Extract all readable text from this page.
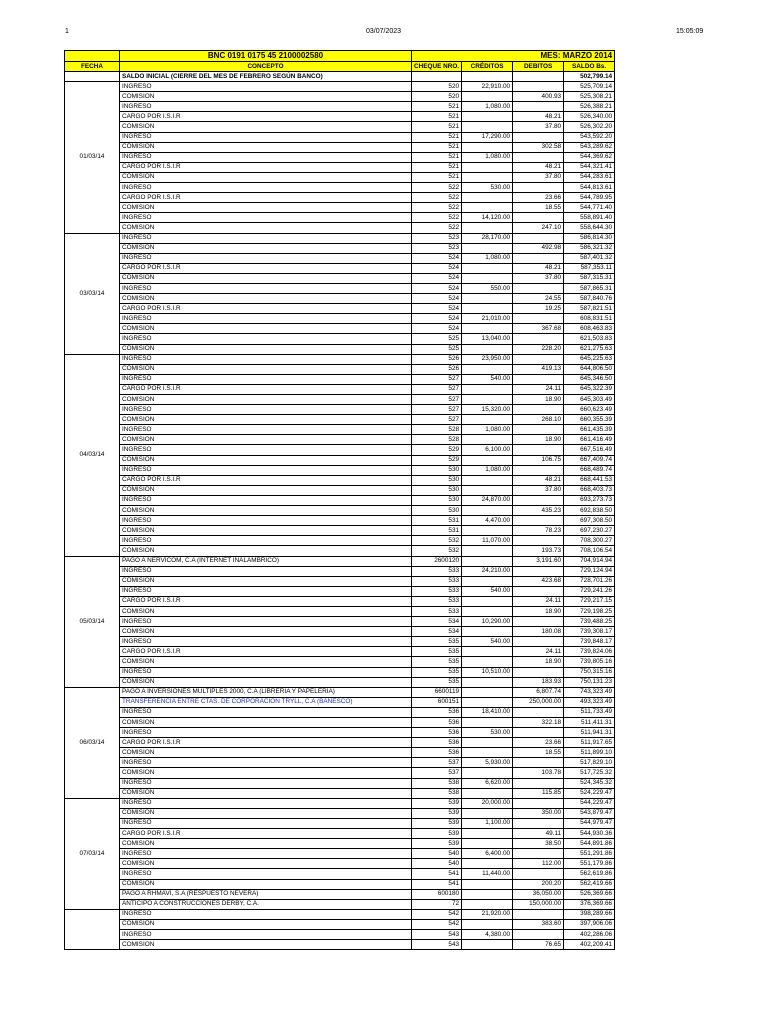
1	03/07/2023	15:05:09
	BNC 0191 0175 45 2100002580	MES: MARZO 2014			
FECHA	CONCEPTO	CHEQUE NRO.	CRÉDITOS	DEBITOS	SALDO Bs.
	SALDO INICIAL (CIERRE DEL MES DE FEBRERO SEGÚN BANCO)				502,799.14
01/03/14	INGRESO	520	22,910.00		525,709.14
	COMISION	520		400.93	525,308.21
	INGRESO	521	1,080.00		526,388.21
	CARGO POR I.S.I.R	521		48.21	526,340.00
	COMISION	521		37.80	526,302.20
	INGRESO	521	17,290.00		543,592.20
	COMISION	521		302.58	543,289.62
	INGRESO	521	1,080.00		544,369.62
	CARGO POR I.S.I.R	521		48.21	544,321.41
	COMISION	521		37.80	544,283.61
	INGRESO	522	530.00		544,813.61
	CARGO POR I.S.I.R	522		23.66	544,789.95
	COMISION	522		18.55	544,771.40
	INGRESO	522	14,120.00		558,891.40
	COMISION	522		247.10	558,644.30
03/03/14	INGRESO	523	28,170.00		586,814.30
	COMISION	523		492.98	586,321.32
	INGRESO	524	1,080.00		587,401.32
	CARGO POR I.S.I.R	524		48.21	587,353.11
	COMISION	524		37.80	587,315.31
	INGRESO	524	550.00		587,865.31
	COMISION	524		24.55	587,840.76
	CARGO POR I.S.I.R	524		19.25	587,821.51
	INGRESO	524	21,010.00		608,831.51
	COMISION	524		367.68	608,463.83
	INGRESO	525	13,040.00		621,503.83
	COMISION	525		228.20	621,275.63
04/03/14	INGRESO	526	23,950.00		645,225.63
	COMISION	526		419.13	644,806.50
	INGRESO	527	540.00		645,346.50
	CARGO POR I.S.I.R	527		24.11	645,322.39
	COMISION	527		18.90	645,303.49
	INGRESO	527	15,320.00		660,623.49
	COMISION	527		268.10	660,355.39
	INGRESO	528	1,080.00		661,435.39
	COMISION	528		18.90	661,416.49
	INGRESO	529	6,100.00		667,516.49
	COMISION	529		106.75	667,409.74
	INGRESO	530	1,080.00		668,489.74
	CARGO POR I.S.I.R	530		48.21	668,441.53
	COMISION	530		37.80	668,403.73
	INGRESO	530	24,870.00		693,273.73
	COMISION	530		435.23	692,838.50
	INGRESO	531	4,470.00		697,308.50
	COMISION	531		78.23	697,230.27
	INGRESO	532	11,070.00		708,300.27
	COMISION	532		193.73	708,106.54
05/03/14	PAGO A NERVICOM, C.A (INTERNET INALAMBRICO)	2600120		3,191.60	704,914.94
	INGRESO	533	24,210.00		729,124.94
	COMISION	533		423.68	728,701.26
	INGRESO	533	540.00		729,241.26
	CARGO POR I.S.I.R	533		24.11	729,217.15
	COMISION	533		18.90	729,198.25
	INGRESO	534	10,290.00		739,488.25
	COMISION	534		180.08	739,308.17
	INGRESO	535	540.00		739,848.17
	CARGO POR I.S.I.R	535		24.11	739,824.06
	COMISION	535		18.90	739,805.16
	INGRESO	535	10,510.00		750,315.16
	COMISION	535		183.93	750,131.23
06/03/14	PAGO A INVERSIONES MULTIPLES 2000, C.A (LIBRERIA Y PAPELERIA)	6600119		6,807.74	743,323.49
	TRANSFERENCIA ENTRE CTAS. DE CORPORACIÓN TRYLL, C.A (BANESCO)	600151		250,000.00	493,323.49
	INGRESO	536	18,410.00		511,733.49
	COMISION	536		322.18	511,411.31
	INGRESO	536	530.00		511,941.31
	CARGO POR I.S.I.R	536		23.66	511,917.65
	COMISION	536		18.55	511,899.10
	INGRESO	537	5,930.00		517,829.10
	COMISION	537		103.78	517,725.32
	INGRESO	538	6,620.00		524,345.32
	COMISION	538		115.85	524,229.47
07/03/14	INGRESO	539	20,000.00		544,229.47
	COMISION	539		350.00	543,879.47
	INGRESO	539	1,100.00		544,979.47
	CARGO POR I.S.I.R	539		49.11	544,930.36
	COMISION	539		38.50	544,891.86
	INGRESO	540	6,400.00		551,291.86
	COMISION	540		112.00	551,179.86
	INGRESO	541	11,440.00		562,619.86
	COMISION	541		200.20	562,419.66
	PAGO A RHMAVI, S.A (RESPUESTO NEVERA)	600180		36,050.00	526,369.66
	ANTICIPO A CONSTRUCCIONES DERBY, C.A.	72		150,000.00	376,369.66
	INGRESO	542	21,920.00		398,289.66
	COMISION	542		383.60	397,906.06
	INGRESO	543	4,380.00		402,286.06
	COMISION	543		76.65	402,209.41
